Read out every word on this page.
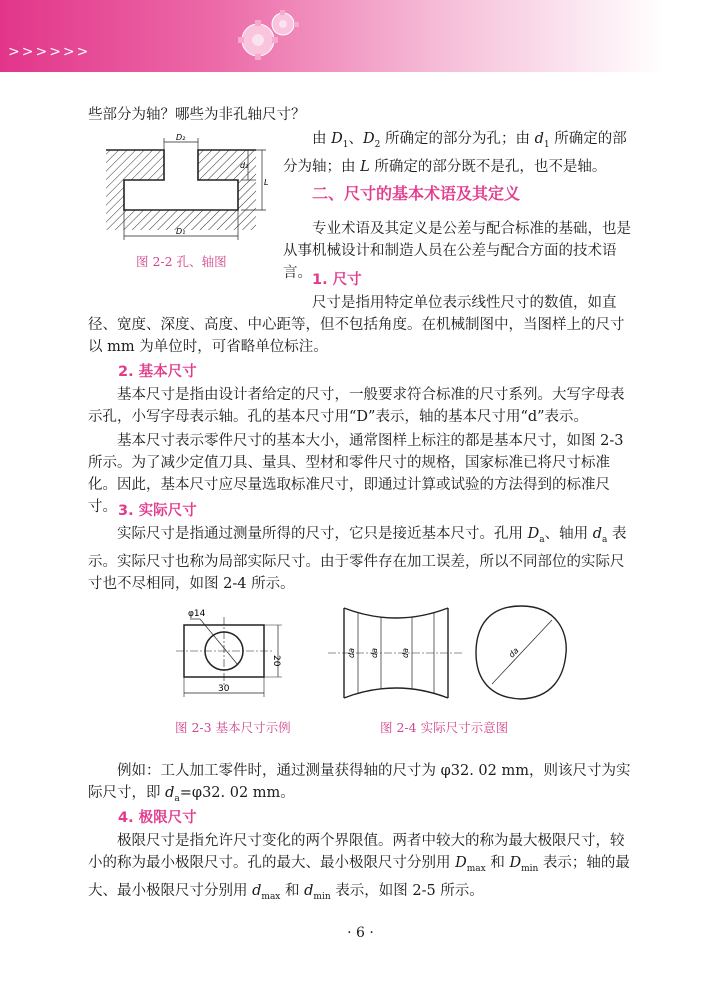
>>>>>>

些部分为轴？哪些为非孔轴尺寸？

D₂
D₁
d₁
L
图 2-2 孔、轴图

由 $D_1$、$D_2$ 所确定的部分为孔；由 $d_1$ 所确定的部分为轴；由 L 所确定的部分既不是孔，也不是轴。

二、尺寸的基本术语及其定义

专业术语及其定义是公差与配合标准的基础，也是从事机械设计和制造人员在公差与配合方面的技术语言。 1. 尺寸

尺寸是指用特定单位表示线性尺寸的数值，如直径、宽度、深度、高度、中心距等，但不包括角度。在机械制图中，当图样上的尺寸以 mm 为单位时，可省略单位标注。

2. 基本尺寸

基本尺寸是指由设计者给定的尺寸，一般要求符合标准的尺寸系列。大写字母表示孔，小写字母表示轴。孔的基本尺寸用“D”表示，轴的基本尺寸用“d”表示。

基本尺寸表示零件尺寸的基本大小，通常图样上标注的都是基本尺寸，如图 2-3 所示。为了减少定值刀具、量具、型材和零件尺寸的规格，国家标准已将尺寸标准化。因此，基本尺寸应尽量选取标准尺寸，即通过计算或试验的方法得到的标准尺寸。 3. 实际尺寸

实际尺寸是指通过测量所得的尺寸，它只是接近基本尺寸。孔用 $D_a$、轴用 $d_a$ 表示。实际尺寸也称为局部实际尺寸。由于零件存在加工误差，所以不同部位的实际尺寸也不尽相同，如图 2-4 所示。

φ14
20
30
图 2-3 基本尺寸示例
da da	da	da
图 2-4 实际尺寸示意图

例如：工人加工零件时，通过测量获得轴的尺寸为 φ32. 02 mm，则该尺寸为实际尺寸，即 $d_a=\varphi 32$. 02 mm。

4. 极限尺寸

极限尺寸是指允许尺寸变化的两个界限值。两者中较大的称为最大极限尺寸，较小的称为最小极限尺寸。孔的最大、最小极限尺寸分别用 $D_{max}$ 和 $D_{min}$ 表示；轴的最大、最小极限尺寸分别用 $d_{max}$ 和 $d_{min}$ 表示，如图 2-5 所示。

· 6 ·
